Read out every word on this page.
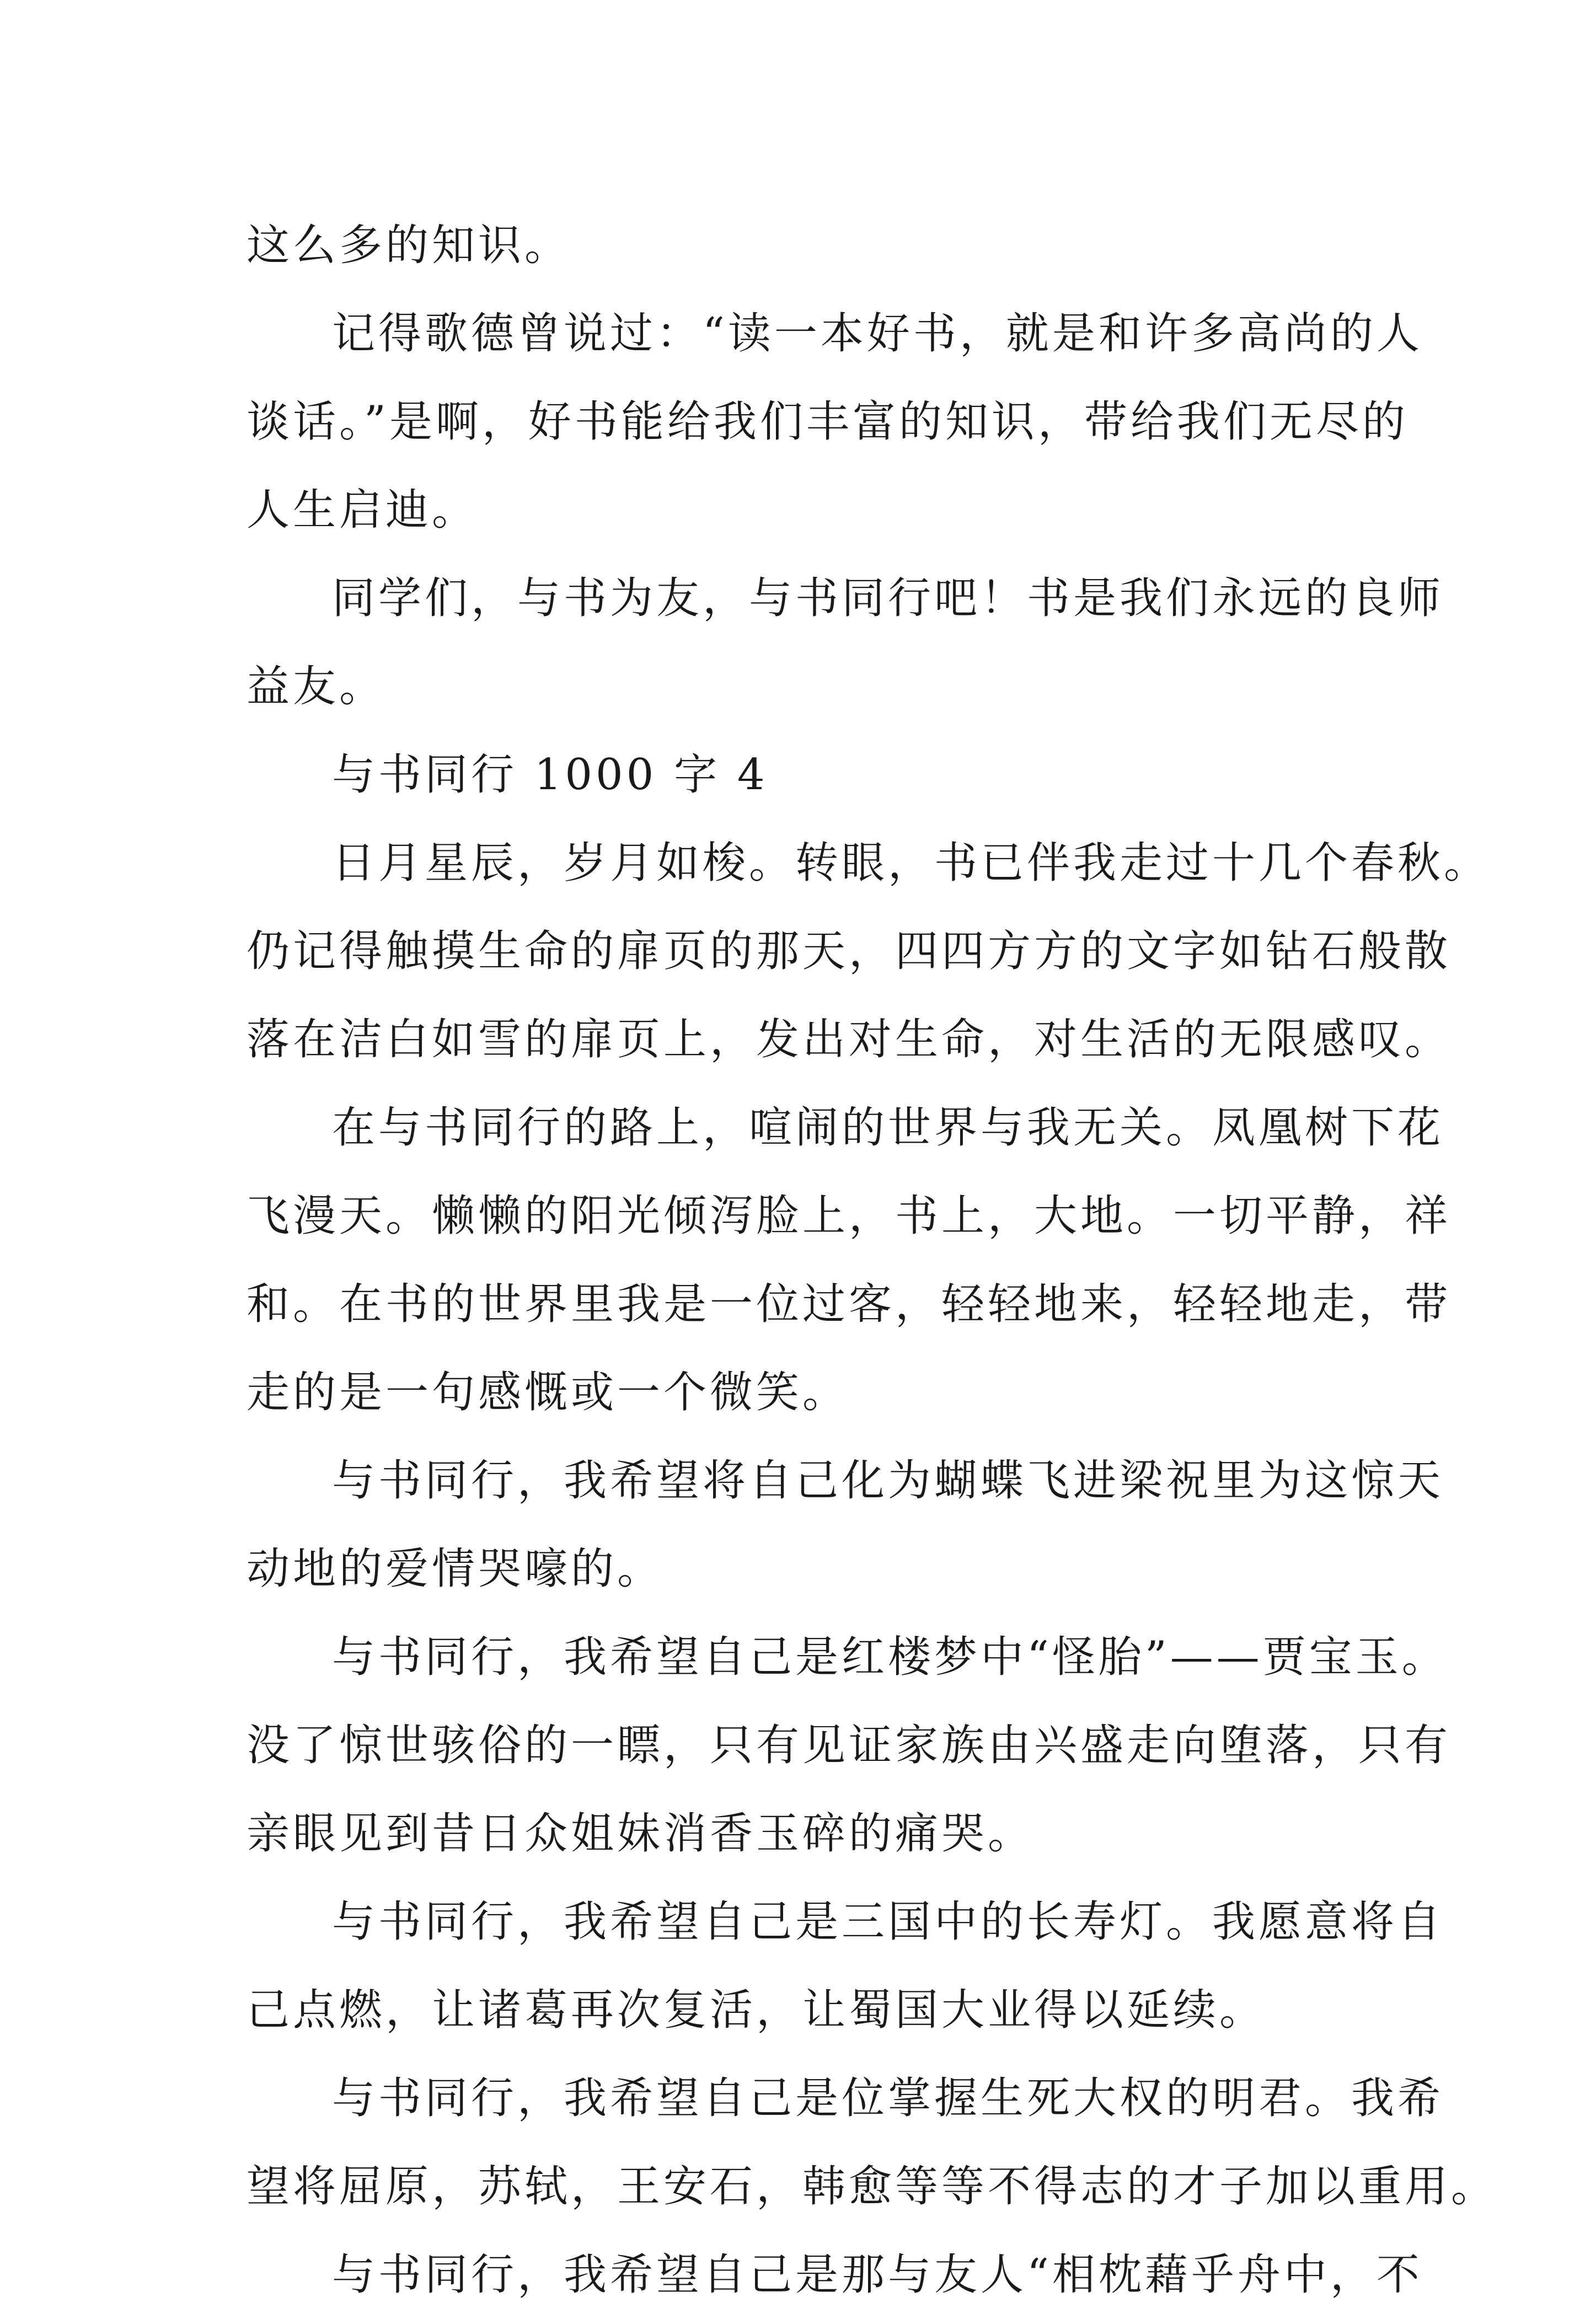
这么多的知识。
记得歌德曾说过：“读一本好书，就是和许多高尚的人
谈话。”是啊，好书能给我们丰富的知识，带给我们无尽的
人生启迪。
同学们，与书为友，与书同行吧！书是我们永远的良师
益友。
与书同行 1000 字 4
日月星辰，岁月如梭。转眼，书已伴我走过十几个春秋。
仍记得触摸生命的扉页的那天，四四方方的文字如钻石般散
落在洁白如雪的扉页上，发出对生命，对生活的无限感叹。
在与书同行的路上，喧闹的世界与我无关。凤凰树下花
飞漫天。懒懒的阳光倾泻脸上，书上，大地。一切平静，祥
和。在书的世界里我是一位过客，轻轻地来，轻轻地走，带
走的是一句感慨或一个微笑。
与书同行，我希望将自己化为蝴蝶飞进梁祝里为这惊天
动地的爱情哭嚎的。
与书同行，我希望自己是红楼梦中“怪胎”——贾宝玉。
没了惊世骇俗的一瞟，只有见证家族由兴盛走向堕落，只有
亲眼见到昔日众姐妹消香玉碎的痛哭。
与书同行，我希望自己是三国中的长寿灯。我愿意将自
己点燃，让诸葛再次复活，让蜀国大业得以延续。
与书同行，我希望自己是位掌握生死大权的明君。我希
望将屈原，苏轼，王安石，韩愈等等不得志的才子加以重用。
与书同行，我希望自己是那与友人“相枕藉乎舟中，不
